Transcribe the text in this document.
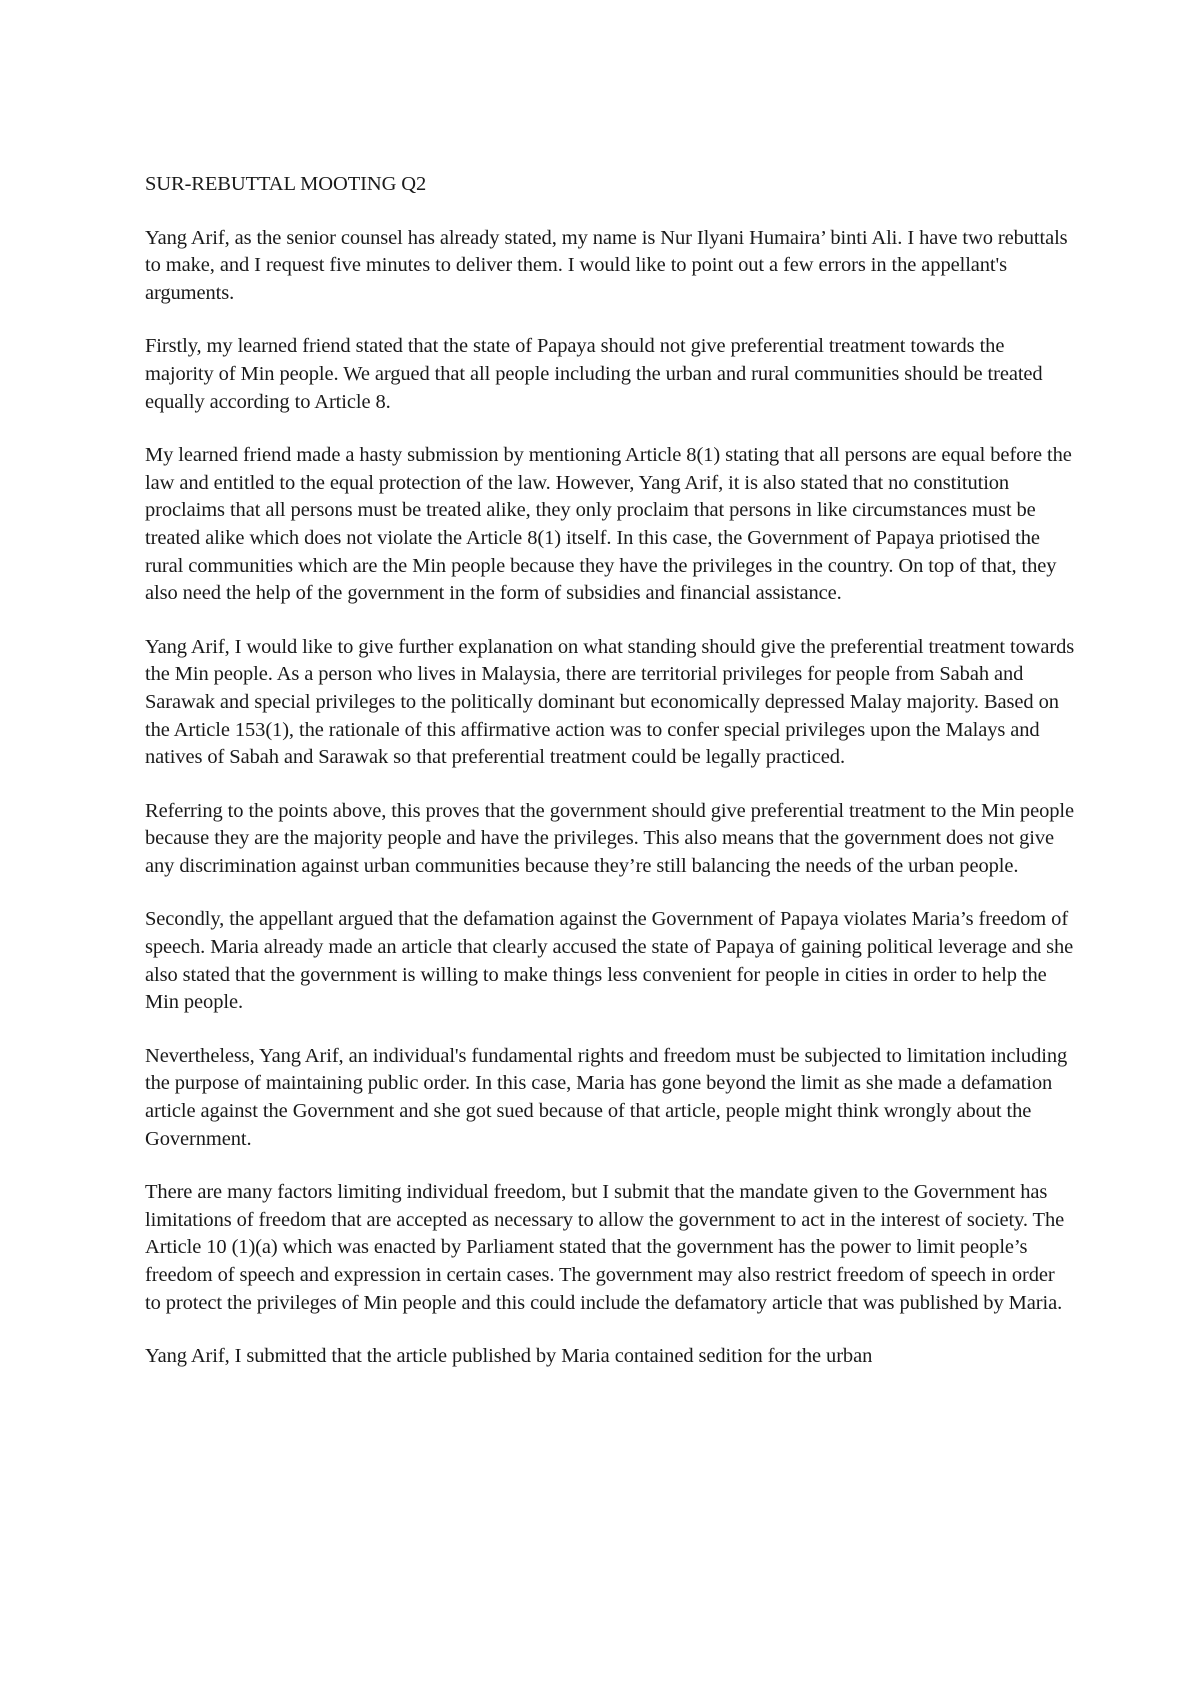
SUR-REBUTTAL MOOTING Q2

Yang Arif, as the senior counsel has already stated, my name is Nur Ilyani Humaira’ binti Ali. I have two rebuttals to make, and I request five minutes to deliver them. I would like to point out a few errors in the appellant's arguments.

Firstly, my learned friend stated that the state of Papaya should not give preferential treatment towards the majority of Min people. We argued that all people including the urban and rural communities should be treated equally according to Article 8.

My learned friend made a hasty submission by mentioning Article 8(1) stating that all persons are equal before the law and entitled to the equal protection of the law. However, Yang Arif, it is also stated that no constitution proclaims that all persons must be treated alike, they only proclaim that persons in like circumstances must be treated alike which does not violate the Article 8(1) itself. In this case, the Government of Papaya priotised the rural communities which are the Min people because they have the privileges in the country. On top of that, they also need the help of the government in the form of subsidies and financial assistance.

Yang Arif, I would like to give further explanation on what standing should give the preferential treatment towards the Min people. As a person who lives in Malaysia, there are territorial privileges for people from Sabah and Sarawak and special privileges to the politically dominant but economically depressed Malay majority. Based on the Article 153(1), the rationale of this affirmative action was to confer special privileges upon the Malays and natives of Sabah and Sarawak so that preferential treatment could be legally practiced.

Referring to the points above, this proves that the government should give preferential treatment to the Min people because they are the majority people and have the privileges. This also means that the government does not give any discrimination against urban communities because they’re still balancing the needs of the urban people.

Secondly, the appellant argued that the defamation against the Government of Papaya violates Maria’s freedom of speech. Maria already made an article that clearly accused the state of Papaya of gaining political leverage and she also stated that the government is willing to make things less convenient for people in cities in order to help the Min people.

Nevertheless, Yang Arif, an individual's fundamental rights and freedom must be subjected to limitation including the purpose of maintaining public order. In this case, Maria has gone beyond the limit as she made a defamation article against the Government and she got sued because of that article, people might think wrongly about the Government.

There are many factors limiting individual freedom, but I submit that the mandate given to the Government has limitations of freedom that are accepted as necessary to allow the government to act in the interest of society. The Article 10 (1)(a) which was enacted by Parliament stated that the government has the power to limit people’s freedom of speech and expression in certain cases. The government may also restrict freedom of speech in order to protect the privileges of Min people and this could include the defamatory article that was published by Maria.

Yang Arif, I submitted that the article published by Maria contained sedition for the urban
